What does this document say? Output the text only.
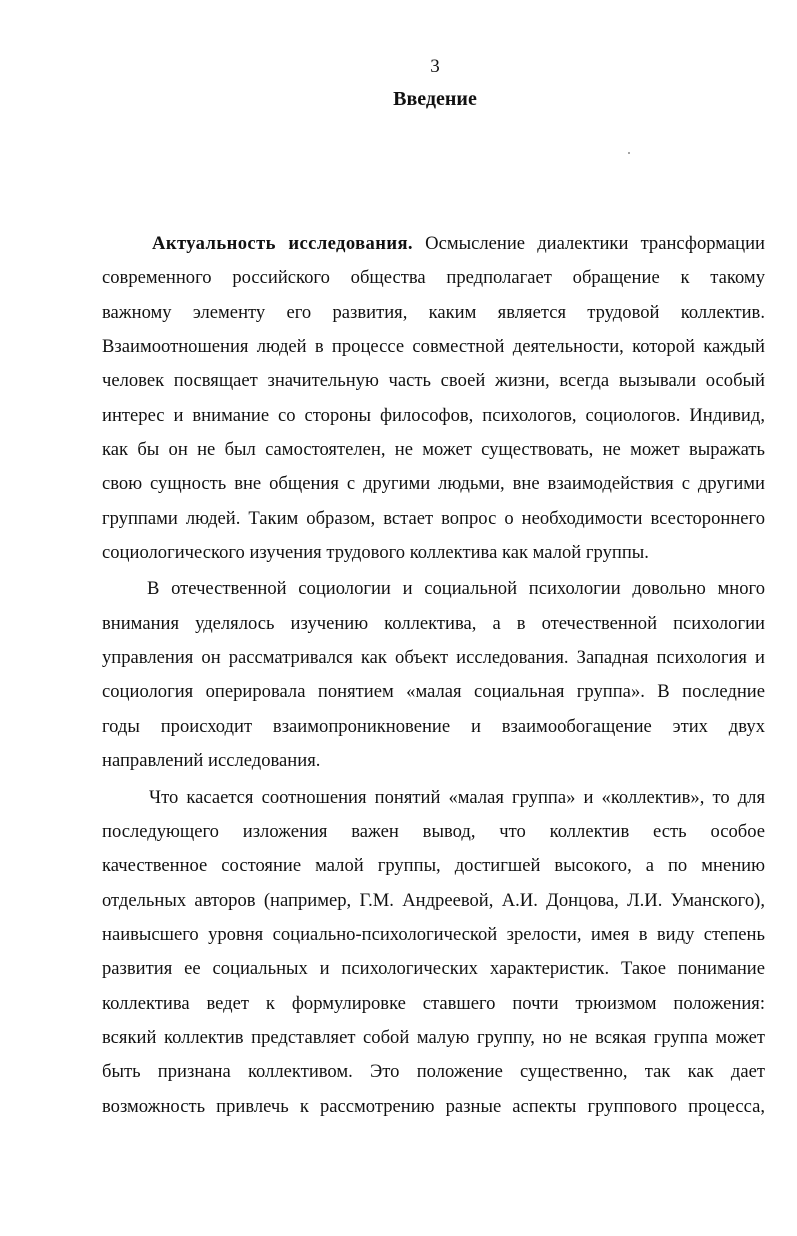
3
Введение
Актуальность исследования. Осмысление диалектики трансформации
современного российского общества предполагает обращение к такому
важному элементу его развития, каким является трудовой коллектив.
Взаимоотношения людей в процессе совместной деятельности, которой каждый
человек посвящает значительную часть своей жизни, всегда вызывали особый
интерес и внимание со стороны философов, психологов, социологов. Индивид,
как бы он не был самостоятелен, не может существовать, не может выражать
свою сущность вне общения с другими людьми, вне взаимодействия с другими
группами людей. Таким образом, встает вопрос о необходимости всестороннего
социологического изучения трудового коллектива как малой группы.
В отечественной социологии и социальной психологии довольно много
внимания уделялось изучению коллектива, а в отечественной психологии
управления он рассматривался как объект исследования. Западная психология и
социология оперировала понятием «малая социальная группа». В последние
годы происходит взаимопроникновение и взаимообогащение этих двух
направлений исследования.
Что касается соотношения понятий «малая группа» и «коллектив», то для
последующего изложения важен вывод, что коллектив есть особое
качественное состояние малой группы, достигшей высокого, а по мнению
отдельных авторов (например, Г.М. Андреевой, А.И. Донцова, Л.И. Уманского),
наивысшего уровня социально-психологической зрелости, имея в виду степень
развития ее социальных и психологических характеристик. Такое понимание
коллектива ведет к формулировке ставшего почти трюизмом положения:
всякий коллектив представляет собой малую группу, но не всякая группа может
быть признана коллективом. Это положение существенно, так как дает
возможность привлечь к рассмотрению разные аспекты группового процесса,
